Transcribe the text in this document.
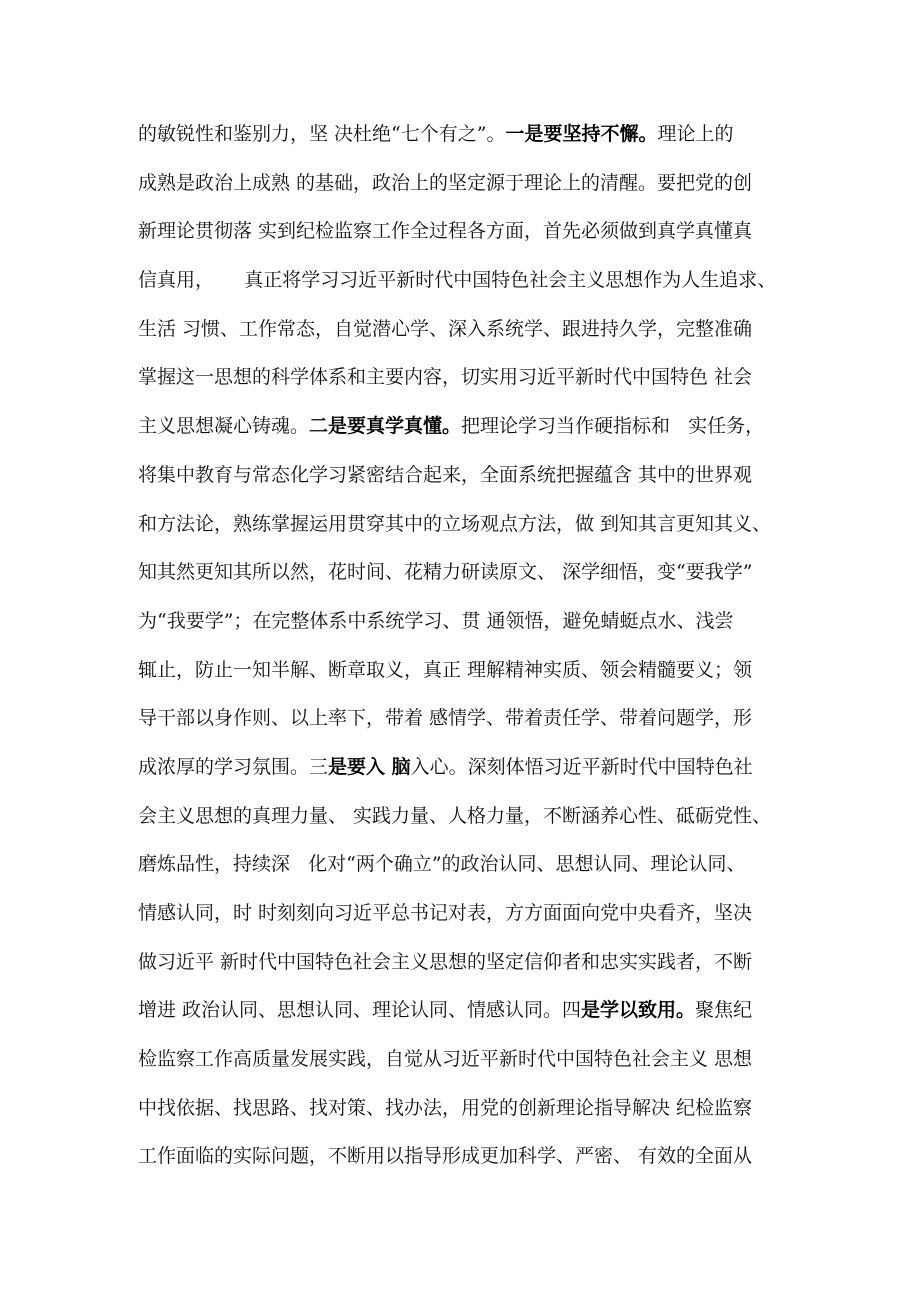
的敏锐性和鉴别力，坚 决杜绝“七个有之”。一是要坚持不懈。理论上的
成熟是政治上成熟 的基础，政治上的坚定源于理论上的清醒。要把党的创
新理论贯彻落 实到纪检监察工作全过程各方面，首先必须做到真学真懂真
信真用，     真正将学习习近平新时代中国特色社会主义思想作为人生追求、
生活 习惯、工作常态，自觉潜心学、深入系统学、跟进持久学，完整准确
掌握这一思想的科学体系和主要内容，切实用习近平新时代中国特色 社会
主义思想凝心铸魂。二是要真学真懂。把理论学习当作硬指标和   实任务，
将集中教育与常态化学习紧密结合起来，全面系统把握蕴含 其中的世界观
和方法论，熟练掌握运用贯穿其中的立场观点方法，做 到知其言更知其义、
知其然更知其所以然，花时间、花精力研读原文、 深学细悟，变“要我学”
为“我要学”；在完整体系中系统学习、贯 通领悟，避免蜻蜓点水、浅尝
辄止，防止一知半解、断章取义，真正 理解精神实质、领会精髓要义；领
导干部以身作则、以上率下，带着 感情学、带着责任学、带着问题学，形
成浓厚的学习氛围。三是要入 脑入心。深刻体悟习近平新时代中国特色社
会主义思想的真理力量、 实践力量、人格力量，不断涵养心性、砥砺党性、
磨炼品性，持续深   化对“两个确立”的政治认同、思想认同、理论认同、
情感认同，时 时刻刻向习近平总书记对表，方方面面向党中央看齐，坚决
做习近平 新时代中国特色社会主义思想的坚定信仰者和忠实实践者，不断
增进 政治认同、思想认同、理论认同、情感认同。四是学以致用。聚焦纪
检监察工作高质量发展实践，自觉从习近平新时代中国特色社会主义 思想
中找依据、找思路、找对策、找办法，用党的创新理论指导解决 纪检监察
工作面临的实际问题，不断用以指导形成更加科学、严密、 有效的全面从
